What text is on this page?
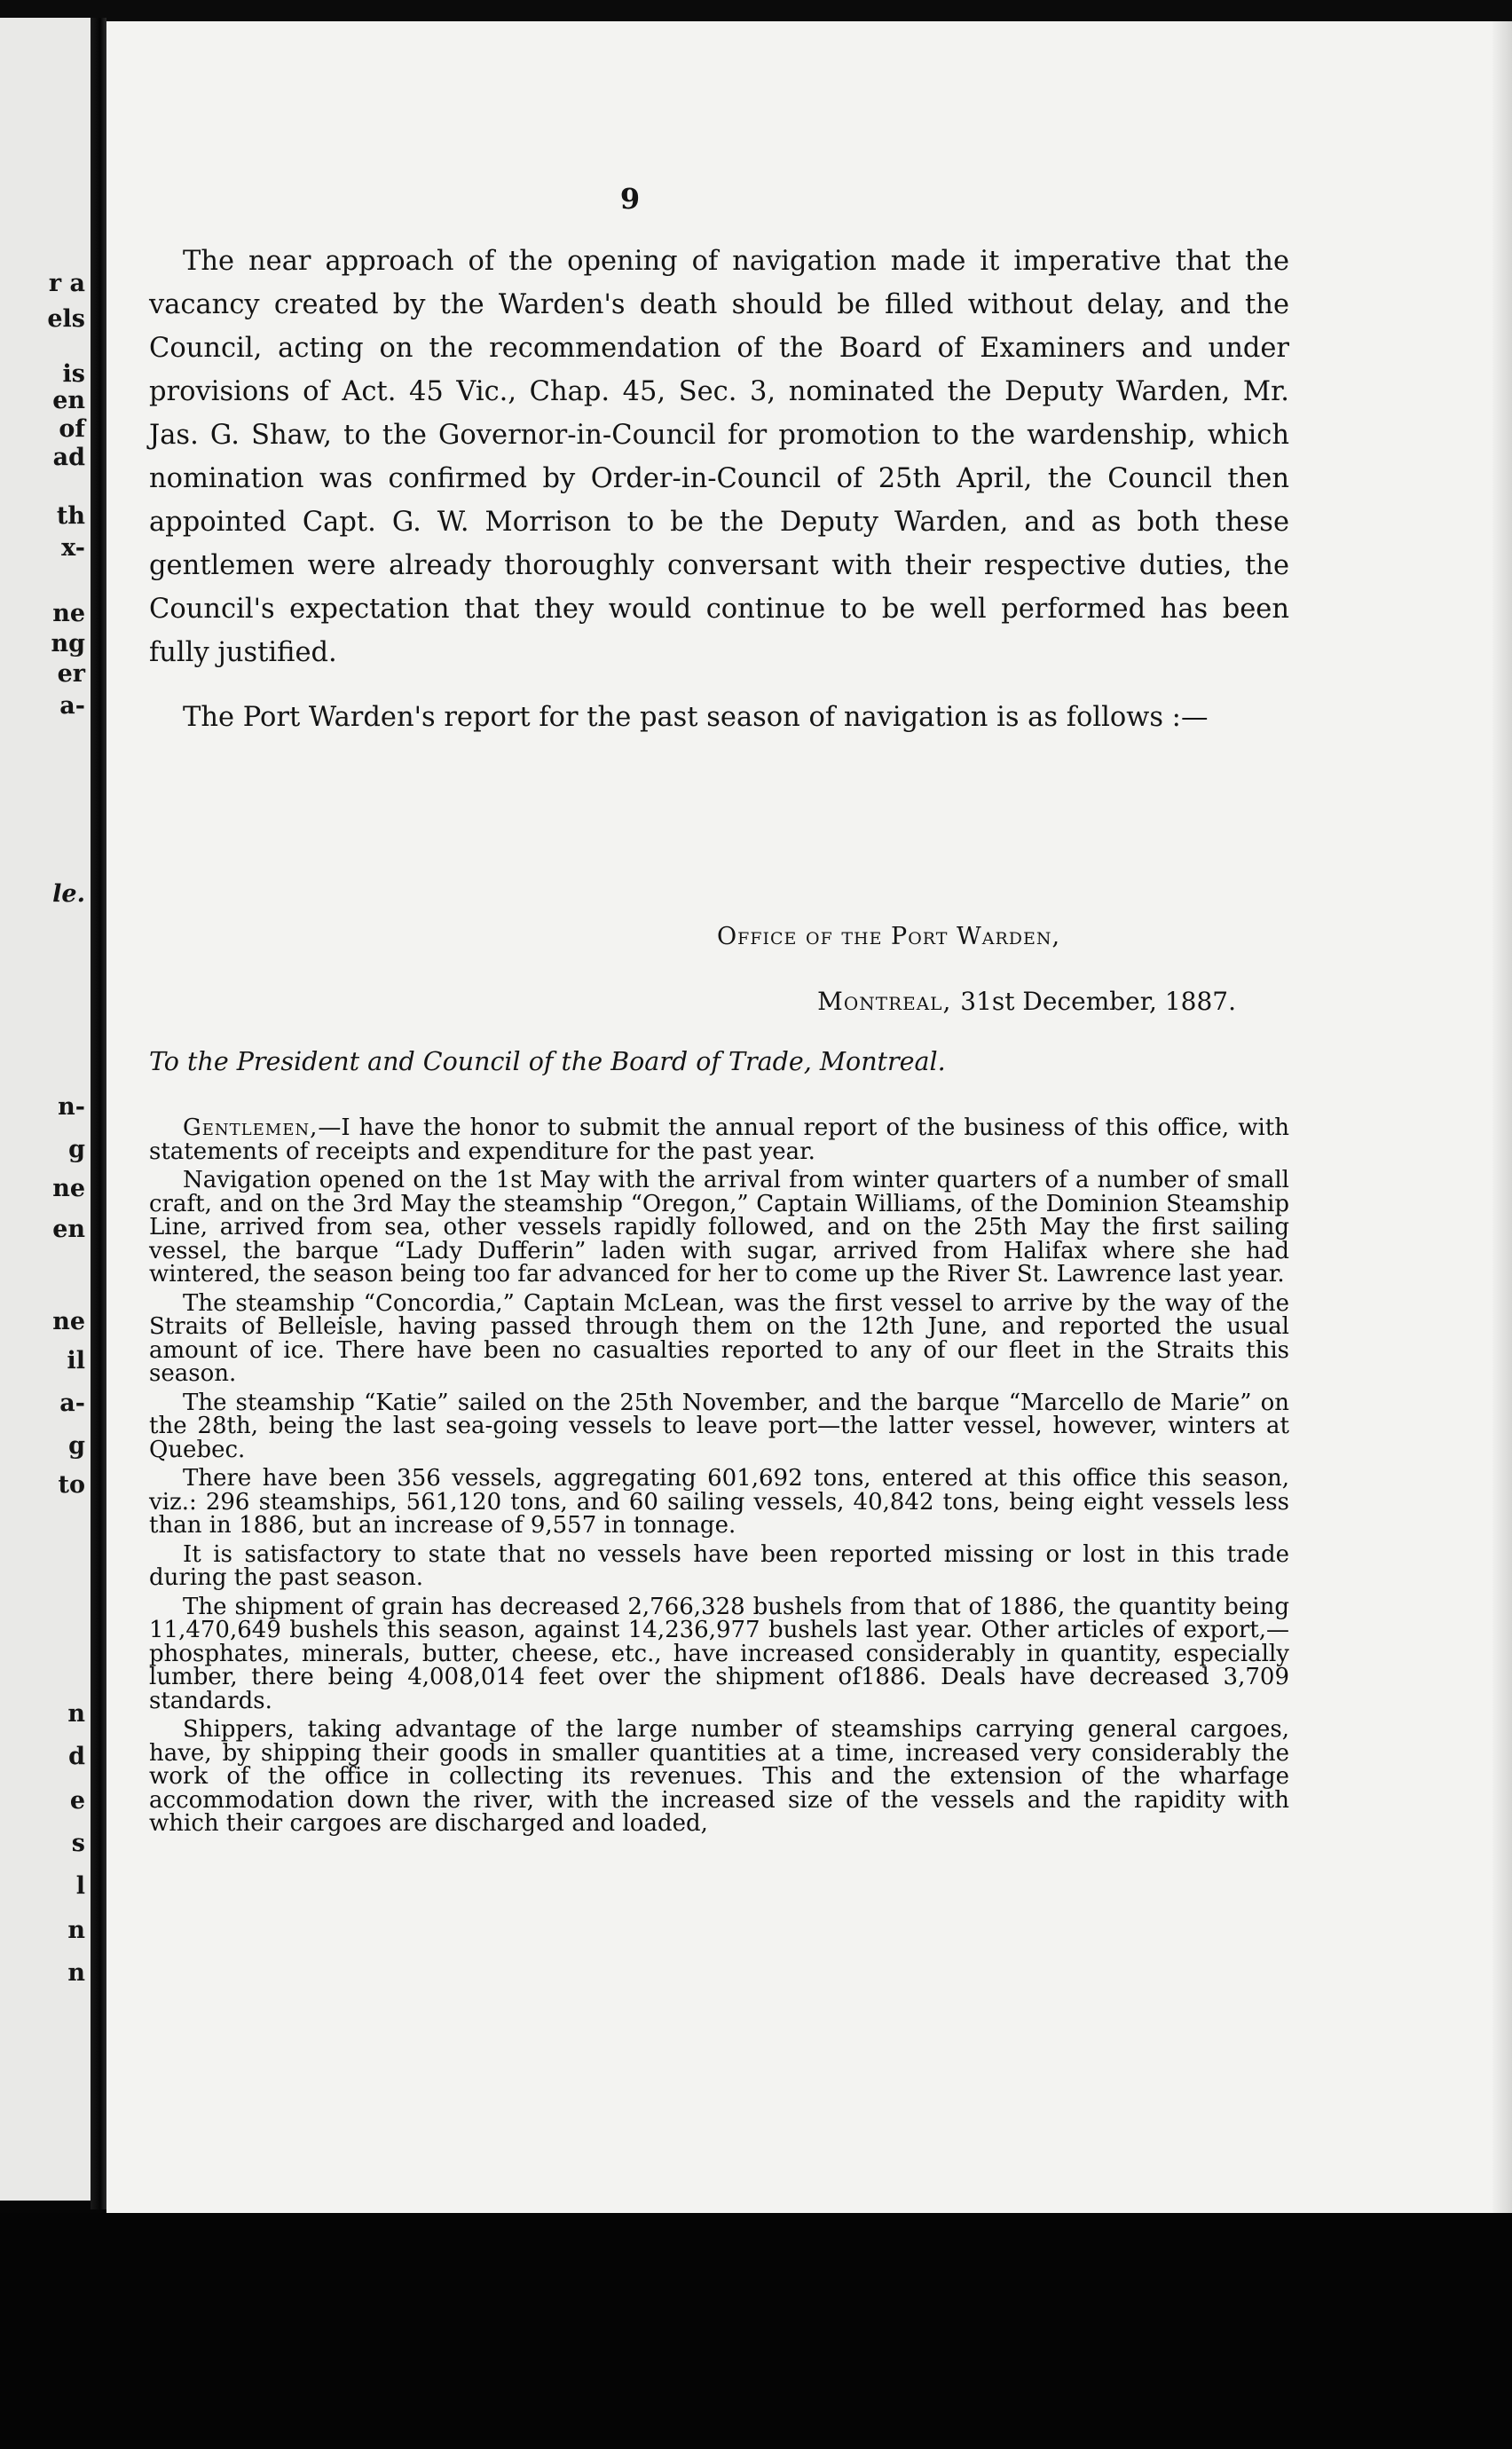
r a
els
is
en
of
ad
th
x-
ne
ng
er
a-
le.
n-
g
ne
en
ne
il
a-
g
to
n
d
e
s
l
n
n
9

The near approach of the opening of navigation made it imperative that the vacancy created by the Warden's death should be filled without delay, and the Council, acting on the recommendation of the Board of Examiners and under provisions of Act. 45 Vic., Chap. 45, Sec. 3, nominated the Deputy Warden, Mr. Jas. G. Shaw, to the Governor-in-Council for promotion to the wardenship, which nomination was confirmed by Order-in-Council of 25th April, the Council then appointed Capt. G. W. Morrison to be the Deputy Warden, and as both these gentlemen were already thoroughly conversant with their respective duties, the Council's expectation that they would continue to be well performed has been fully justified.

The Port Warden's report for the past season of navigation is as follows :—

Office of the Port Warden,
Montreal, 31st December, 1887.
To the President and Council of the Board of Trade, Montreal.

Gentlemen,—I have the honor to submit the annual report of the business of this office, with statements of receipts and expenditure for the past year.

Navigation opened on the 1st May with the arrival from winter quarters of a number of small craft, and on the 3rd May the steamship “Oregon,” Captain Williams, of the Dominion Steamship Line, arrived from sea, other vessels rapidly followed, and on the 25th May the first sailing vessel, the barque “Lady Dufferin” laden with sugar, arrived from Halifax where she had wintered, the season being too far advanced for her to come up the River St. Lawrence last year.

The steamship “Concordia,” Captain McLean, was the first vessel to arrive by the way of the Straits of Belleisle, having passed through them on the 12th June, and reported the usual amount of ice. There have been no casualties reported to any of our fleet in the Straits this season.

The steamship “Katie” sailed on the 25th November, and the barque “Marcello de Marie” on the 28th, being the last sea-going vessels to leave port—the latter vessel, however, winters at Quebec.

There have been 356 vessels, aggregating 601,692 tons, entered at this office this season, viz.: 296 steamships, 561,120 tons, and 60 sailing vessels, 40,842 tons, being eight vessels less than in 1886, but an increase of 9,557 in tonnage.

It is satisfactory to state that no vessels have been reported missing or lost in this trade during the past season.

The shipment of grain has decreased 2,766,328 bushels from that of 1886, the quantity being 11,470,649 bushels this season, against 14,236,977 bushels last year. Other articles of export,—phosphates, minerals, butter, cheese, etc., have increased considerably in quantity, especially lumber, there being 4,008,014 feet over the shipment of1886. Deals have decreased 3,709 standards.

Shippers, taking advantage of the large number of steamships carrying general cargoes, have, by shipping their goods in smaller quantities at a time, increased very considerably the work of the office in collecting its revenues. This and the extension of the wharfage accommodation down the river, with the increased size of the vessels and the rapidity with which their cargoes are discharged and loaded,
